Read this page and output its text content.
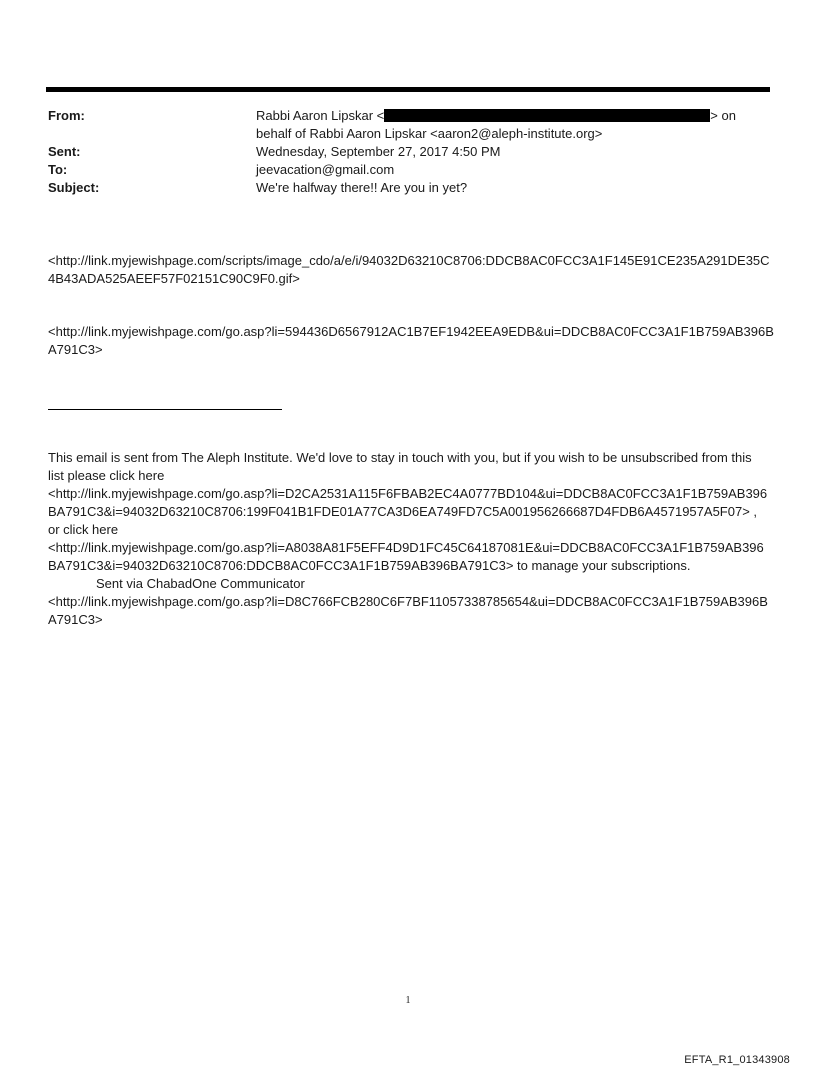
From:	Rabbi Aaron Lipskar <	> on
behalf of Rabbi Aaron Lipskar <aaron2@aleph-institute.org>
Sent:	Wednesday, September 27, 2017 4:50 PM
To:	jeevacation@gmail.com
Subject:	We're halfway there!! Are you in yet?
<http://link.myjewishpage.com/scripts/image_cdo/a/e/i/94032D63210C8706:DDCB8AC0FCC3A1F145E91CE235A291DE35C4B43ADA525AEEF57F02151C90C9F0.gif>
<http://link.myjewishpage.com/go.asp?li=594436D6567912AC1B7EF1942EEA9EDB&ui=DDCB8AC0FCC3A1F1B759AB396BA791C3>
This email is sent from The Aleph Institute. We'd love to stay in touch with you, but if you wish to be unsubscribed from this list please click here
<http://link.myjewishpage.com/go.asp?li=D2CA2531A115F6FBAB2EC4A0777BD104&ui=DDCB8AC0FCC3A1F1B759AB396BA791C3&i=94032D63210C8706:199F041B1FDE01A77CA3D6EA749FD7C5A001956266687D4FDB6A4571957A5F07> ,
or click here
<http://link.myjewishpage.com/go.asp?li=A8038A81F5EFF4D9D1FC45C64187081E&ui=DDCB8AC0FCC3A1F1B759AB396BA791C3&i=94032D63210C8706:DDCB8AC0FCC3A1F1B759AB396BA791C3> to manage your subscriptions.
Sent via ChabadOne Communicator
<http://link.myjewishpage.com/go.asp?li=D8C766FCB280C6F7BF11057338785654&ui=DDCB8AC0FCC3A1F1B759AB396BA791C3>
1
EFTA_R1_01343908
